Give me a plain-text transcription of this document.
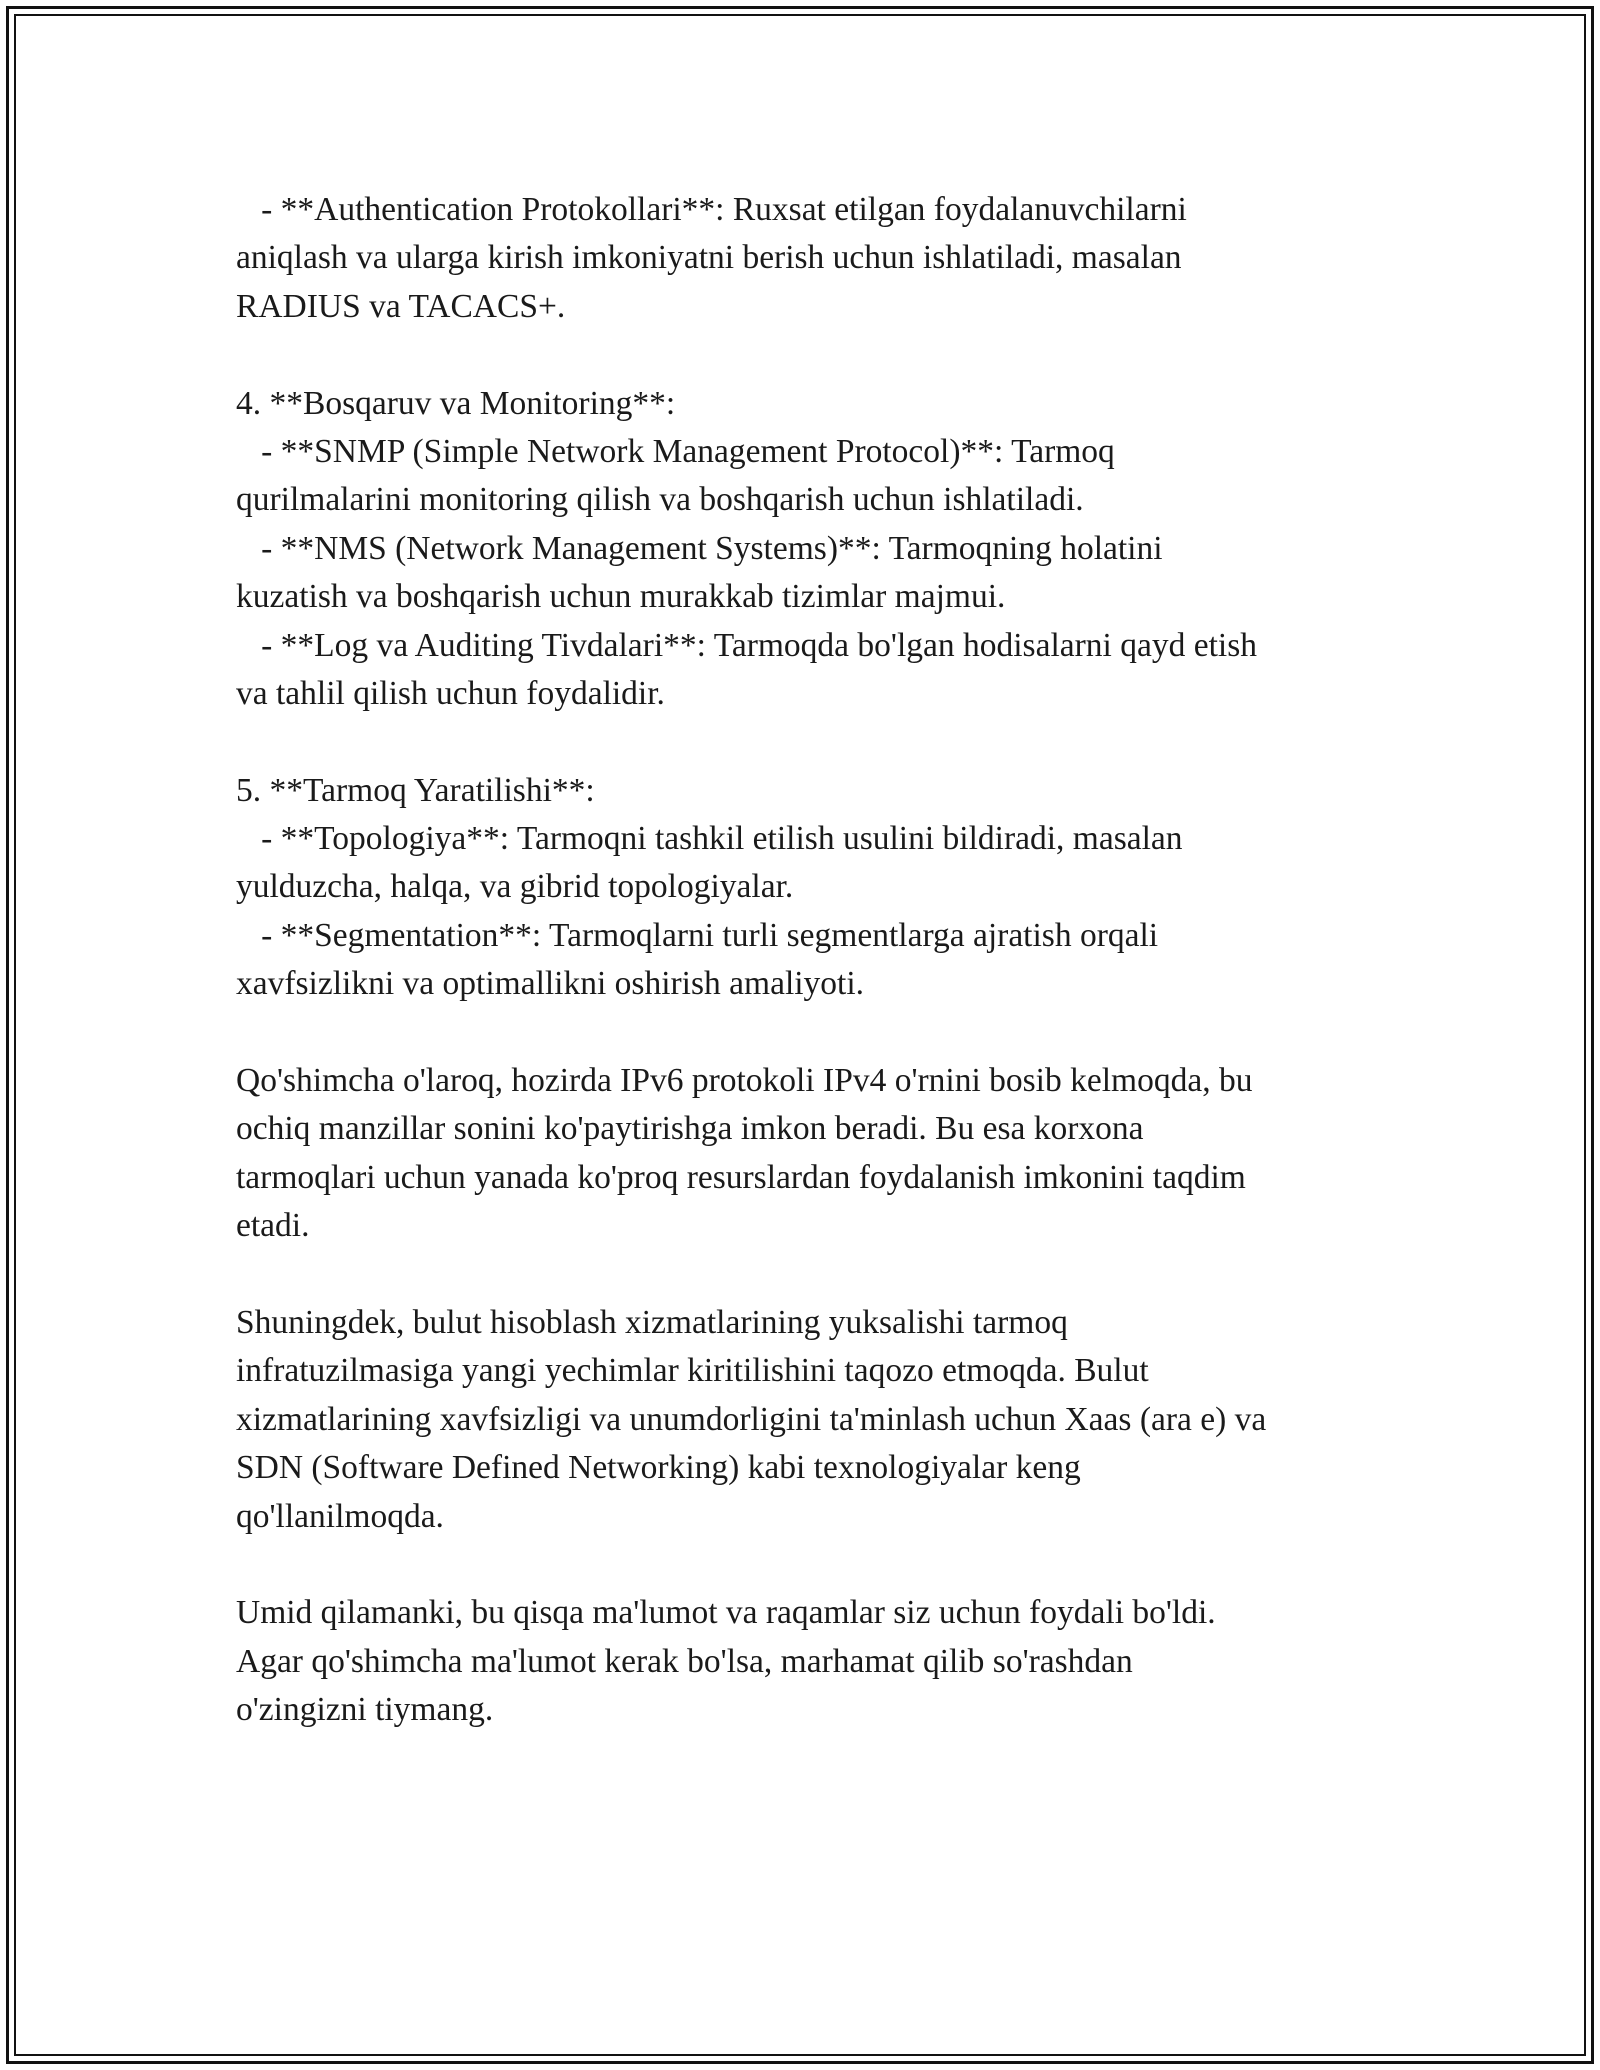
- **Authentication Protokollari**: Ruxsat etilgan foydalanuvchilarni
aniqlash va ularga kirish imkoniyatni berish uchun ishlatiladi, masalan
RADIUS va TACACS+.
4. **Bosqaruv va Monitoring**:
- **SNMP (Simple Network Management Protocol)**: Tarmoq
qurilmalarini monitoring qilish va boshqarish uchun ishlatiladi.
- **NMS (Network Management Systems)**: Tarmoqning holatini
kuzatish va boshqarish uchun murakkab tizimlar majmui.
- **Log va Auditing Tivdalari**: Tarmoqda bo'lgan hodisalarni qayd etish
va tahlil qilish uchun foydalidir.
5. **Tarmoq Yaratilishi**:
- **Topologiya**: Tarmoqni tashkil etilish usulini bildiradi, masalan
yulduzcha, halqa, va gibrid topologiyalar.
- **Segmentation**: Tarmoqlarni turli segmentlarga ajratish orqali
xavfsizlikni va optimallikni oshirish amaliyoti.
Qo'shimcha o'laroq, hozirda IPv6 protokoli IPv4 o'rnini bosib kelmoqda, bu
ochiq manzillar sonini ko'paytirishga imkon beradi. Bu esa korxona
tarmoqlari uchun yanada ko'proq resurslardan foydalanish imkonini taqdim
etadi.
Shuningdek, bulut hisoblash xizmatlarining yuksalishi tarmoq
infratuzilmasiga yangi yechimlar kiritilishini taqozo etmoqda. Bulut
xizmatlarining xavfsizligi va unumdorligini ta'minlash uchun Xaas (ara e) va
SDN (Software Defined Networking) kabi texnologiyalar keng
qo'llanilmoqda.
Umid qilamanki, bu qisqa ma'lumot va raqamlar siz uchun foydali bo'ldi.
Agar qo'shimcha ma'lumot kerak bo'lsa, marhamat qilib so'rashdan
o'zingizni tiymang.
